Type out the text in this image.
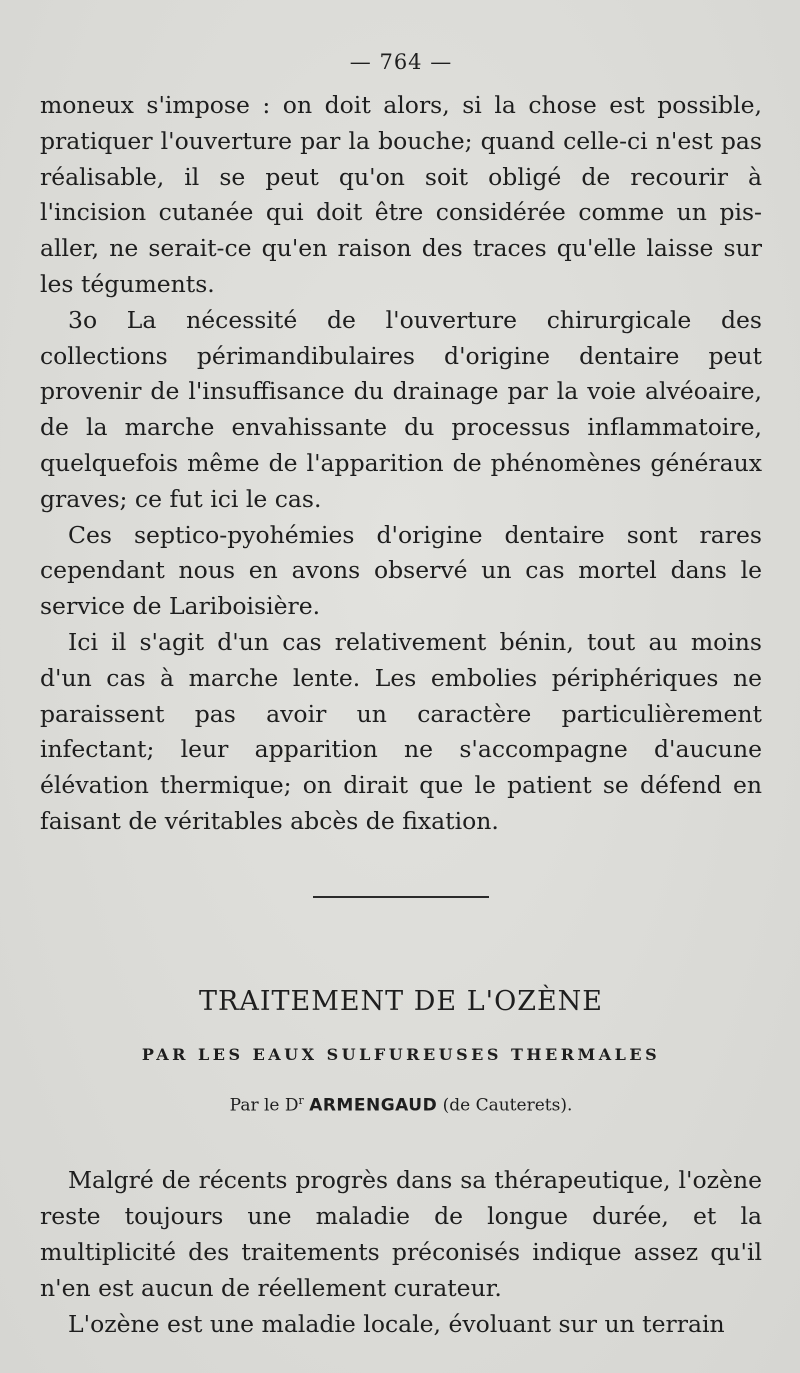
— 764 —

moneux s'impose : on doit alors, si la chose est possible, pratiquer l'ouverture par la bouche; quand celle-ci n'est pas réalisable, il se peut qu'on soit obligé de recourir à l'incision cutanée qui doit être considérée comme un pis-aller, ne serait-ce qu'en raison des traces qu'elle laisse sur les téguments.

3o La nécessité de l'ouverture chirurgicale des collections périmandibulaires d'origine dentaire peut provenir de l'insuffisance du drainage par la voie alvéoaire, de la marche envahissante du processus inflammatoire, quelquefois même de l'apparition de phénomènes généraux graves; ce fut ici le cas.

Ces septico-pyohémies d'origine dentaire sont rares cependant nous en avons observé un cas mortel dans le service de Lariboisière.

Ici il s'agit d'un cas relativement bénin, tout au moins d'un cas à marche lente. Les embolies périphériques ne paraissent pas avoir un caractère particulièrement infectant; leur apparition ne s'accompagne d'aucune élévation thermique; on dirait que le patient se défend en faisant de véritables abcès de fixation.

TRAITEMENT DE L'OZÈNE
PAR LES EAUX SULFUREUSES THERMALES
Par le $D^r$ ARMENGAUD (de Cauterets).

Malgré de récents progrès dans sa thérapeutique, l'ozène reste toujours une maladie de longue durée, et la multiplicité des traitements préconisés indique assez qu'il n'en est aucun de réellement curateur.

L'ozène est une maladie locale, évoluant sur un terrain
